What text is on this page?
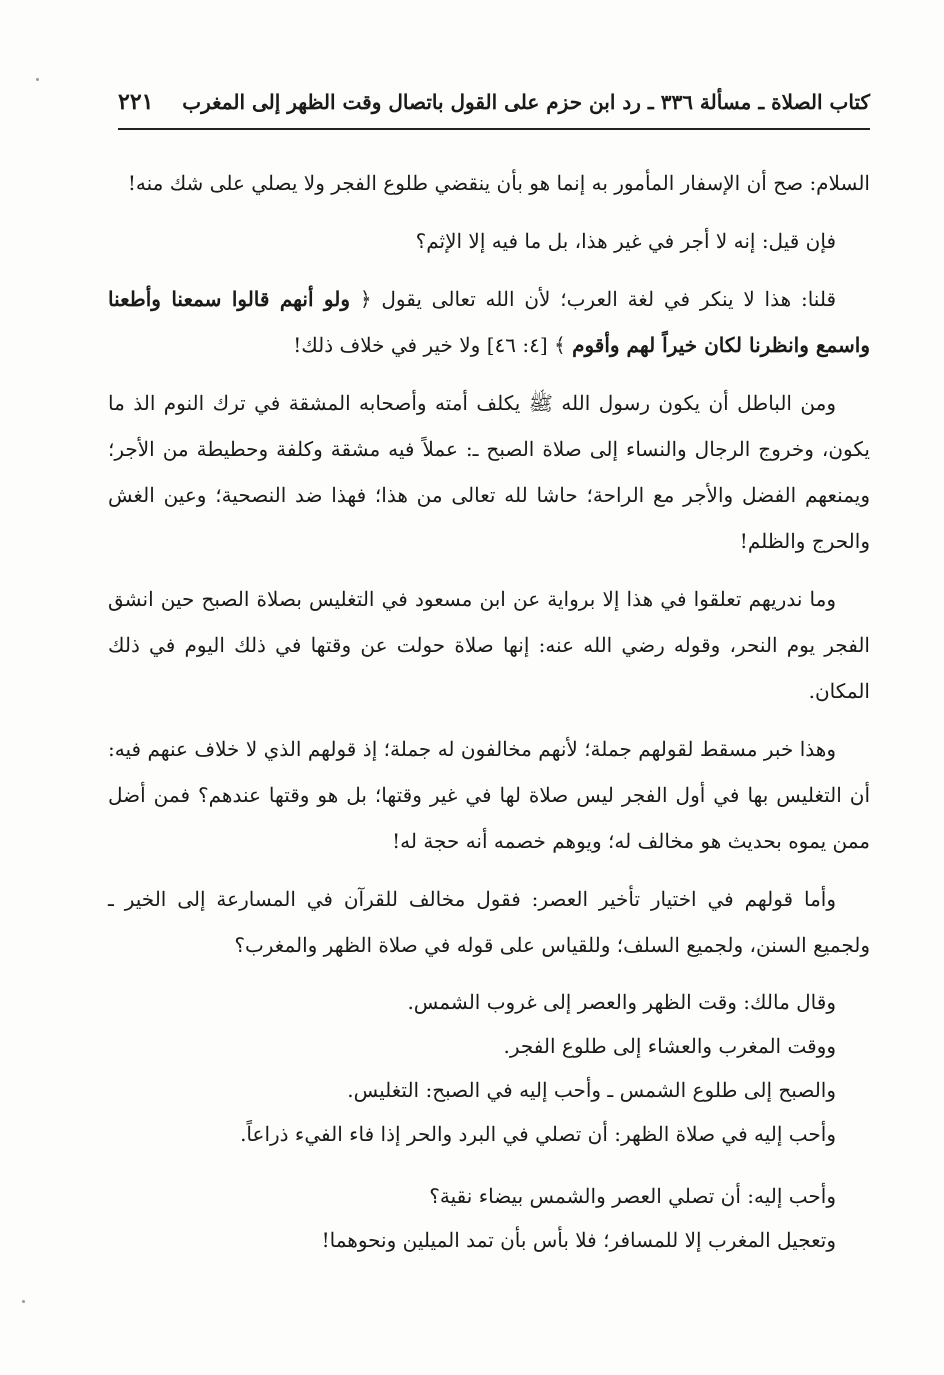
كتاب الصلاة ـ مسألة ٣٣٦ ـ رد ابن حزم على القول باتصال وقت الظهر إلى المغرب
٢٢١

السلام: صح أن الإسفار المأمور به إنما هو بأن ينقضي طلوع الفجر ولا يصلي على شك منه!

فإن قيل: إنه لا أجر في غير هذا، بل ما فيه إلا الإثم؟

قلنا: هذا لا ينكر في لغة العرب؛ لأن الله تعالى يقول ﴿ ولو أنهم قالوا سمعنا وأطعنا واسمع وانظرنا لكان خيراً لهم وأقوم ﴾ [٤: ٤٦] ولا خير في خلاف ذلك!

ومن الباطل أن يكون رسول الله ﷺ يكلف أمته وأصحابه المشقة في ترك النوم الذ ما يكون، وخروج الرجال والنساء إلى صلاة الصبح ـ: عملاً فيه مشقة وكلفة وحطيطة من الأجر؛ ويمنعهم الفضل والأجر مع الراحة؛ حاشا لله تعالى من هذا؛ فهذا ضد النصحية؛ وعين الغش والحرج والظلم!

وما ندريهم تعلقوا في هذا إلا برواية عن ابن مسعود في التغليس بصلاة الصبح حين انشق الفجر يوم النحر، وقوله رضي الله عنه: إنها صلاة حولت عن وقتها في ذلك اليوم في ذلك المكان.

وهذا خبر مسقط لقولهم جملة؛ لأنهم مخالفون له جملة؛ إذ قولهم الذي لا خلاف عنهم فيه: أن التغليس بها في أول الفجر ليس صلاة لها في غير وقتها؛ بل هو وقتها عندهم؟ فمن أضل ممن يموه بحديث هو مخالف له؛ ويوهم خصمه أنه حجة له!

وأما قولهم في اختيار تأخير العصر: فقول مخالف للقرآن في المسارعة إلى الخير ـ ولجميع السنن، ولجميع السلف؛ وللقياس على قوله في صلاة الظهر والمغرب؟

وقال مالك: وقت الظهر والعصر إلى غروب الشمس.
ووقت المغرب والعشاء إلى طلوع الفجر.
والصبح إلى طلوع الشمس ـ وأحب إليه في الصبح: التغليس.
وأحب إليه في صلاة الظهر: أن تصلي في البرد والحر إذا فاء الفيء ذراعاً.
وأحب إليه: أن تصلي العصر والشمس بيضاء نقية؟
وتعجيل المغرب إلا للمسافر؛ فلا بأس بأن تمد الميلين ونحوهما!
